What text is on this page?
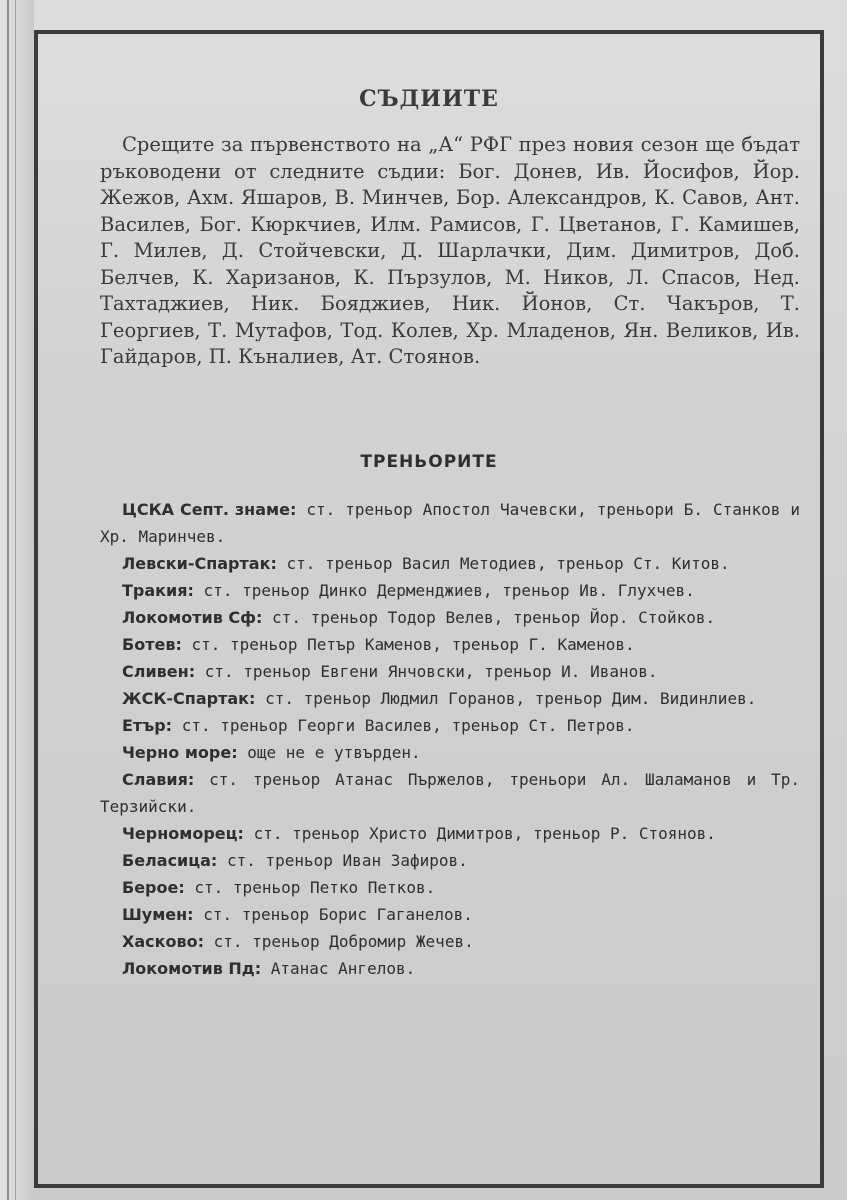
СЪДИИТЕ
Срещите за първенството на „А“ РФГ през новия сезон ще бъдат ръководени от следните съдии: Бог. Донев, Ив. Йосифов, Йор. Жежов, Ахм. Яшаров, В. Минчев, Бор. Александров, К. Савов, Ант. Василев, Бог. Кюркчиев, Илм. Рамисов, Г. Цветанов, Г. Камишев, Г. Милев, Д. Стойчевски, Д. Шарлачки, Дим. Димитров, Доб. Белчев, К. Харизанов, К. Пързулов, М. Ников, Л. Спасов, Нед. Тахтаджиев, Ник. Бояджиев, Ник. Йонов, Ст. Чакъров, Т. Георгиев, Т. Мутафов, Тод. Колев, Хр. Младенов, Ян. Великов, Ив. Гайдаров, П. Къналиев, Ат. Стоянов.
ТРЕНЬОРИТЕ
ЦСКА Септ. знаме: ст. треньор Апостол Чачевски, треньори Б. Станков и Хр. Маринчев.
Левски-Спартак: ст. треньор Васил Методиев, треньор Ст. Китов.
Тракия: ст. треньор Динко Дерменджиев, треньор Ив. Глухчев.
Локомотив Сф: ст. треньор Тодор Велев, треньор Йор. Стойков.
Ботев: ст. треньор Петър Каменов, треньор Г. Каменов.
Сливен: ст. треньор Евгени Янчовски, треньор И. Иванов.
ЖСК-Спартак: ст. треньор Людмил Горанов, треньор Дим. Видинлиев.
Етър: ст. треньор Георги Василев, треньор Ст. Петров.
Черно море: още не е утвърден.
Славия: ст. треньор Атанас Пържелов, треньори Ал. Шаламанов и Тр. Терзийски.
Черноморец: ст. треньор Христо Димитров, треньор Р. Стоянов.
Беласица: ст. треньор Иван Зафиров.
Берое: ст. треньор Петко Петков.
Шумен: ст. треньор Борис Гаганелов.
Хасково: ст. треньор Добромир Жечев.
Локомотив Пд: Атанас Ангелов.
